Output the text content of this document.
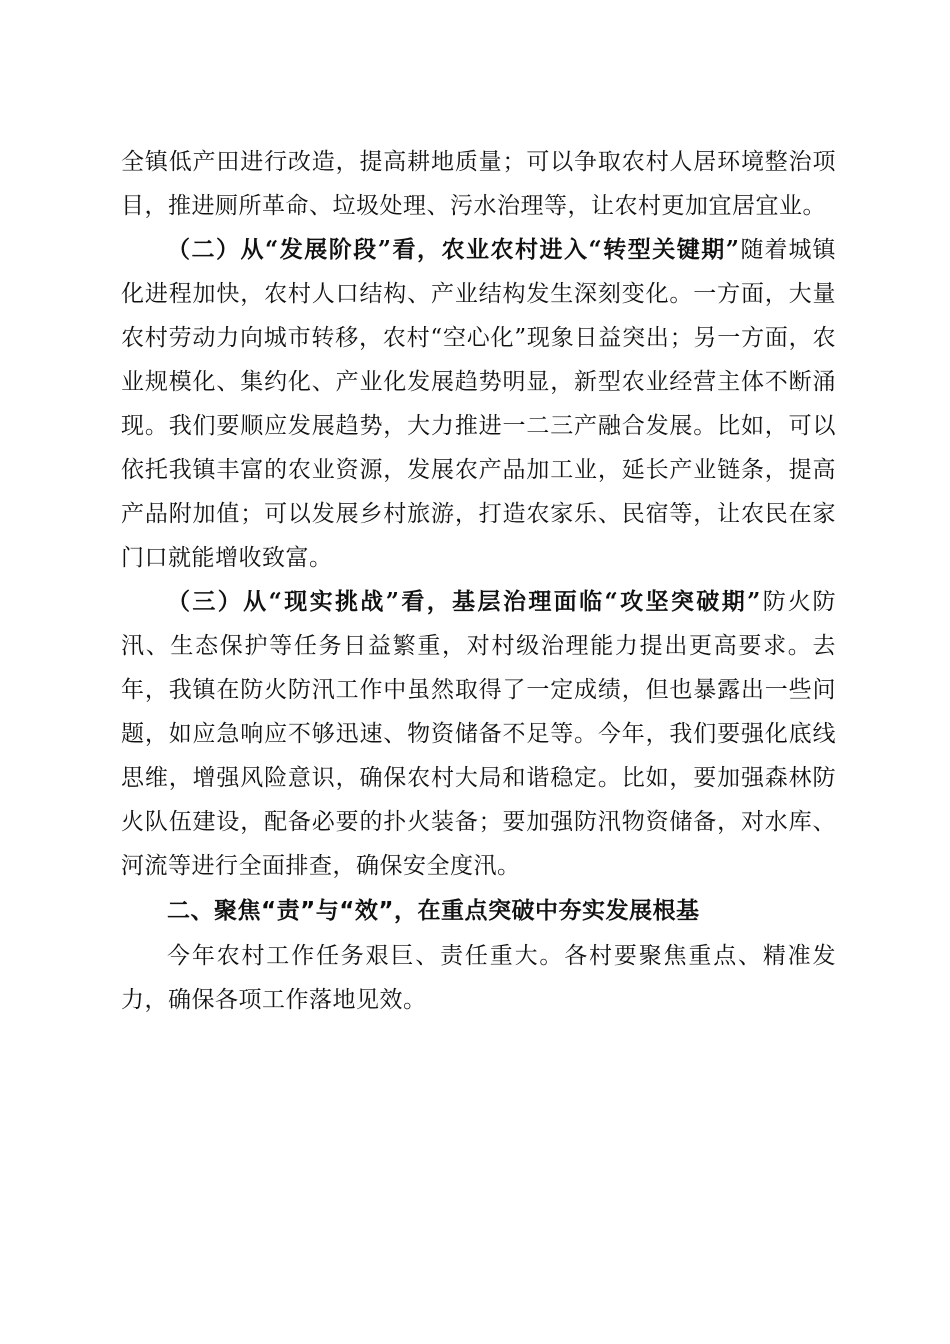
全镇低产田进行改造，提高耕地质量；可以争取农村人居环境整治项目，推进厕所革命、垃圾处理、污水治理等，让农村更加宜居宜业。

（二）从“发展阶段”看，农业农村进入“转型关键期”随着城镇化进程加快，农村人口结构、产业结构发生深刻变化。一方面，大量农村劳动力向城市转移，农村“空心化”现象日益突出；另一方面，农业规模化、集约化、产业化发展趋势明显，新型农业经营主体不断涌现。我们要顺应发展趋势，大力推进一二三产融合发展。比如，可以依托我镇丰富的农业资源，发展农产品加工业，延长产业链条，提高产品附加值；可以发展乡村旅游，打造农家乐、民宿等，让农民在家门口就能增收致富。

（三）从“现实挑战”看，基层治理面临“攻坚突破期”防火防汛、生态保护等任务日益繁重，对村级治理能力提出更高要求。去年，我镇在防火防汛工作中虽然取得了一定成绩，但也暴露出一些问题，如应急响应不够迅速、物资储备不足等。今年，我们要强化底线思维，增强风险意识，确保农村大局和谐稳定。比如，要加强森林防火队伍建设，配备必要的扑火装备；要加强防汛物资储备，对水库、河流等进行全面排查，确保安全度汛。

二、聚焦“责”与“效”，在重点突破中夯实发展根基

今年农村工作任务艰巨、责任重大。各村要聚焦重点、精准发力，确保各项工作落地见效。
